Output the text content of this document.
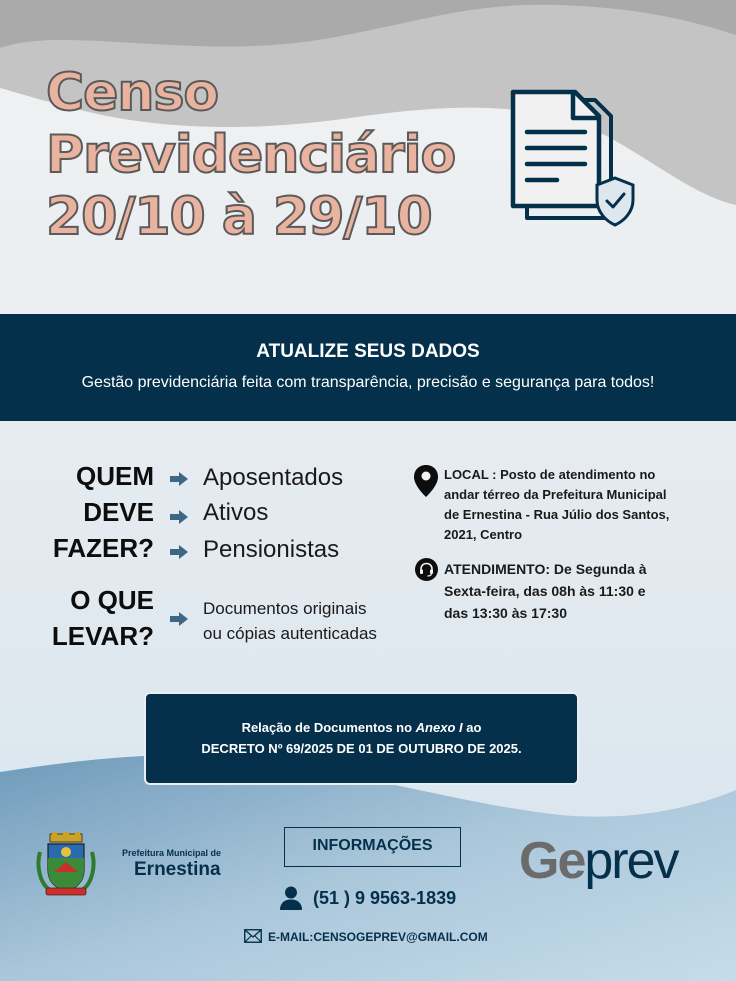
Censo
Previdenciário
20/10 à 29/10
ATUALIZE SEUS DADOS
Gestão previdenciária feita com transparência, precisão e segurança para todos!
QUEM
DEVE
FAZER?
Aposentados
Ativos
Pensionistas
O QUE
LEVAR?
Documentos originais
ou cópias autenticadas
LOCAL : Posto de atendimento no
andar térreo da Prefeitura Municipal
de Ernestina - Rua Júlio dos Santos,
2021, Centro
ATENDIMENTO: De Segunda à
Sexta-feira, das 08h às 11:30 e
das 13:30 às 17:30
Relação de Documentos no Anexo I ao
DECRETO Nº 69/2025 DE 01 DE OUTUBRO DE 2025.
Prefeitura Municipal de
Ernestina
INFORMAÇÕES
(51 ) 9 9563-1839
E-MAIL:CENSOGEPREV@GMAIL.COM
Geprev
